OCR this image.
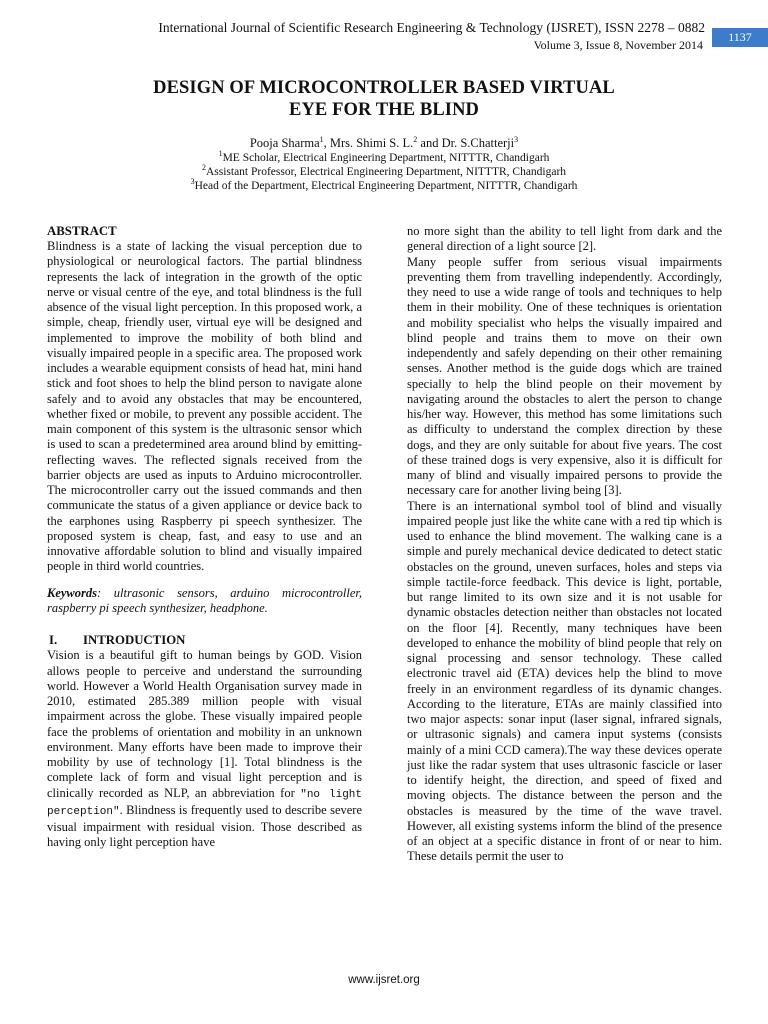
International Journal of Scientific Research Engineering & Technology (IJSRET), ISSN 2278 – 0882
Volume 3, Issue 8, November 2014
1137
DESIGN OF MICROCONTROLLER BASED VIRTUAL
EYE FOR THE BLIND
Pooja Sharma$^1$, Mrs. Shimi S. L.$^2$ and Dr. S.Chatterji$^3$
$^1$ME Scholar, Electrical Engineering Department, NITTTR, Chandigarh
$^2$Assistant Professor, Electrical Engineering Department, NITTTR, Chandigarh
$^3$Head of the Department, Electrical Engineering Department, NITTTR, Chandigarh

ABSTRACT

Blindness is a state of lacking the visual perception due to physiological or neurological factors. The partial blindness represents the lack of integration in the growth of the optic nerve or visual centre of the eye, and total blindness is the full absence of the visual light perception. In this proposed work, a simple, cheap, friendly user, virtual eye will be designed and implemented to improve the mobility of both blind and visually impaired people in a specific area. The proposed work includes a wearable equipment consists of head hat, mini hand stick and foot shoes to help the blind person to navigate alone safely and to avoid any obstacles that may be encountered, whether fixed or mobile, to prevent any possible accident. The main component of this system is the ultrasonic sensor which is used to scan a predetermined area around blind by emitting-reflecting waves. The reflected signals received from the barrier objects are used as inputs to Arduino microcontroller. The microcontroller carry out the issued commands and then communicate the status of a given appliance or device back to the earphones using Raspberry pi speech synthesizer. The proposed system is cheap, fast, and easy to use and an innovative affordable solution to blind and visually impaired people in third world countries.

Keywords: ultrasonic sensors, arduino microcontroller, raspberry pi speech synthesizer, headphone.

I. INTRODUCTION

Vision is a beautiful gift to human beings by GOD. Vision allows people to perceive and understand the surrounding world. However a World Health Organisation survey made in 2010, estimated 285.389 million people with visual impairment across the globe. These visually impaired people face the problems of orientation and mobility in an unknown environment. Many efforts have been made to improve their mobility by use of technology [1]. Total blindness is the complete lack of form and visual light perception and is clinically recorded as NLP, an abbreviation for "no light perception". Blindness is frequently used to describe severe visual impairment with residual vision. Those described as having only light perception have

no more sight than the ability to tell light from dark and the general direction of a light source [2].

Many people suffer from serious visual impairments preventing them from travelling independently. Accordingly, they need to use a wide range of tools and techniques to help them in their mobility. One of these techniques is orientation and mobility specialist who helps the visually impaired and blind people and trains them to move on their own independently and safely depending on their other remaining senses. Another method is the guide dogs which are trained specially to help the blind people on their movement by navigating around the obstacles to alert the person to change his/her way. However, this method has some limitations such as difficulty to understand the complex direction by these dogs, and they are only suitable for about five years. The cost of these trained dogs is very expensive, also it is difficult for many of blind and visually impaired persons to provide the necessary care for another living being [3].

There is an international symbol tool of blind and visually impaired people just like the white cane with a red tip which is used to enhance the blind movement. The walking cane is a simple and purely mechanical device dedicated to detect static obstacles on the ground, uneven surfaces, holes and steps via simple tactile-force feedback. This device is light, portable, but range limited to its own size and it is not usable for dynamic obstacles detection neither than obstacles not located on the floor [4]. Recently, many techniques have been developed to enhance the mobility of blind people that rely on signal processing and sensor technology. These called electronic travel aid (ETA) devices help the blind to move freely in an environment regardless of its dynamic changes. According to the literature, ETAs are mainly classified into two major aspects: sonar input (laser signal, infrared signals, or ultrasonic signals) and camera input systems (consists mainly of a mini CCD camera).The way these devices operate just like the radar system that uses ultrasonic fascicle or laser to identify height, the direction, and speed of fixed and moving objects. The distance between the person and the obstacles is measured by the time of the wave travel. However, all existing systems inform the blind of the presence of an object at a specific distance in front of or near to him. These details permit the user to

www.ijsret.org
